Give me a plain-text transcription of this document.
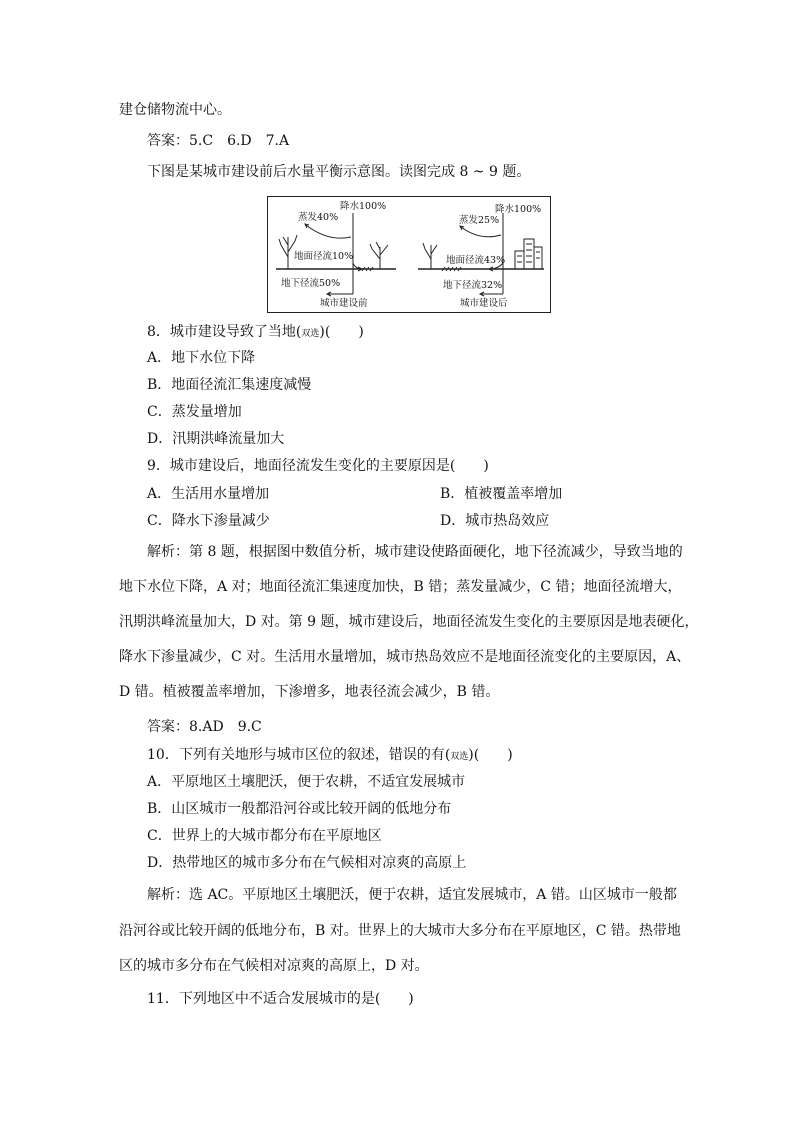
建仓储物流中心。
答案：5.C　6.D　7.A
下图是某城市建设前后水量平衡示意图。读图完成 8 ~ 9 题。
降水100%
蒸发40%
地面径流10%
地下径流50%
城市建设前
降水100%
蒸发25%
地面径流43%
地下径流32%
城市建设后
8．城市建设导致了当地(双选)(　　)
A．地下水位下降
B．地面径流汇集速度减慢
C．蒸发量增加
D．汛期洪峰流量加大
9．城市建设后，地面径流发生变化的主要原因是(　　)
A．生活用水量增加	B．植被覆盖率增加
C．降水下渗量减少	D．城市热岛效应
解析：第 8 题，根据图中数值分析，城市建设使路面硬化，地下径流减少，导致当地的
地下水位下降，A 对；地面径流汇集速度加快，B 错；蒸发量减少，C 错；地面径流增大，
汛期洪峰流量加大，D 对。第 9 题，城市建设后，地面径流发生变化的主要原因是地表硬化，
降水下渗量减少，C 对。生活用水量增加，城市热岛效应不是地面径流变化的主要原因，A、
D 错。植被覆盖率增加，下渗增多，地表径流会减少，B 错。
答案：8.AD　9.C
10．下列有关地形与城市区位的叙述，错误的有(双选)(　　)
A．平原地区土壤肥沃，便于农耕，不适宜发展城市
B．山区城市一般都沿河谷或比较开阔的低地分布
C．世界上的大城市都分布在平原地区
D．热带地区的城市多分布在气候相对凉爽的高原上
解析：选 AC。平原地区土壤肥沃，便于农耕，适宜发展城市，A 错。山区城市一般都
沿河谷或比较开阔的低地分布，B 对。世界上的大城市大多分布在平原地区，C 错。热带地
区的城市多分布在气候相对凉爽的高原上，D 对。
11．下列地区中不适合发展城市的是(　　)
